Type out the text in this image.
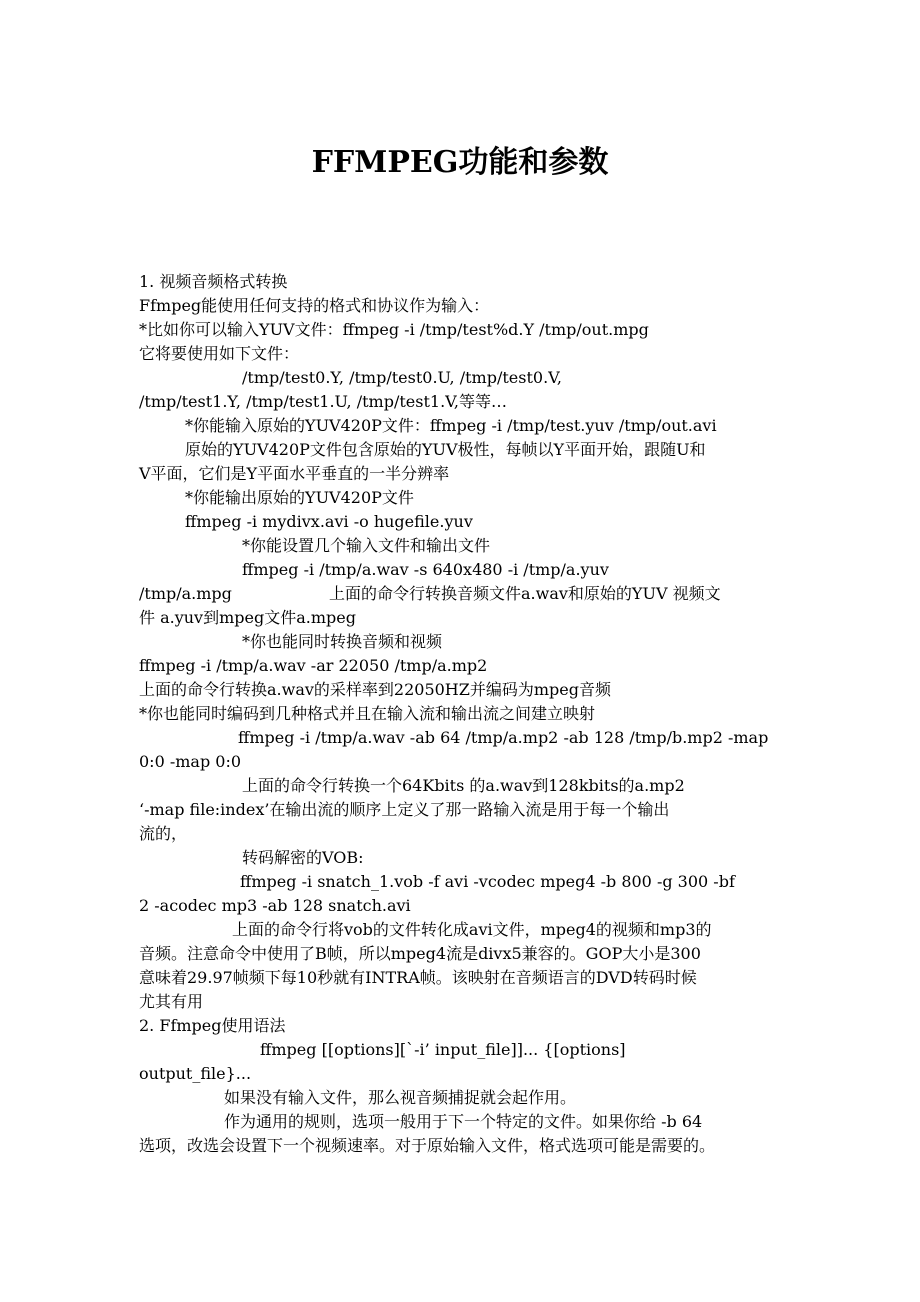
FFMPEG功能和参数
1. 视频音频格式转换
Ffmpeg能使用任何支持的格式和协议作为输入：
*比如你可以输入YUV文件：ffmpeg -i /tmp/test%d.Y /tmp/out.mpg
它将要使用如下文件：
/tmp/test0.Y, /tmp/test0.U, /tmp/test0.V,
/tmp/test1.Y, /tmp/test1.U, /tmp/test1.V,等等…
*你能输入原始的YUV420P文件：ffmpeg -i /tmp/test.yuv /tmp/out.avi
原始的YUV420P文件包含原始的YUV极性，每帧以Y平面开始，跟随U和
V平面，它们是Y平面水平垂直的一半分辨率
*你能输出原始的YUV420P文件
ffmpeg -i mydivx.avi -o hugefile.yuv
*你能设置几个输入文件和输出文件
ffmpeg -i /tmp/a.wav -s 640x480 -i /tmp/a.yuv
/tmp/a.mpg	上面的命令行转换音频文件a.wav和原始的YUV 视频文
件 a.yuv到mpeg文件a.mpeg
*你也能同时转换音频和视频
ffmpeg -i /tmp/a.wav -ar 22050 /tmp/a.mp2
上面的命令行转换a.wav的采样率到22050HZ并编码为mpeg音频
*你也能同时编码到几种格式并且在输入流和输出流之间建立映射
ffmpeg -i /tmp/a.wav -ab 64 /tmp/a.mp2 -ab 128 /tmp/b.mp2 -map
0:0 -map 0:0
上面的命令行转换一个64Kbits 的a.wav到128kbits的a.mp2
‘-map file:index’在输出流的顺序上定义了那一路输入流是用于每一个输出
流的，
转码解密的VOB:
ffmpeg -i snatch_1.vob -f avi -vcodec mpeg4 -b 800 -g 300 -bf
2 -acodec mp3 -ab 128 snatch.avi
上面的命令行将vob的文件转化成avi文件，mpeg4的视频和mp3的
音频。注意命令中使用了B帧，所以mpeg4流是divx5兼容的。GOP大小是300
意味着29.97帧频下每10秒就有INTRA帧。该映射在音频语言的DVD转码时候
尤其有用
2. Ffmpeg使用语法
ffmpeg [[options][`-i’ input_file]]... {[options]
output_file}...
如果没有输入文件，那么视音频捕捉就会起作用。
作为通用的规则，选项一般用于下一个特定的文件。如果你给 -b 64
选项，改选会设置下一个视频速率。对于原始输入文件，格式选项可能是需要的。
